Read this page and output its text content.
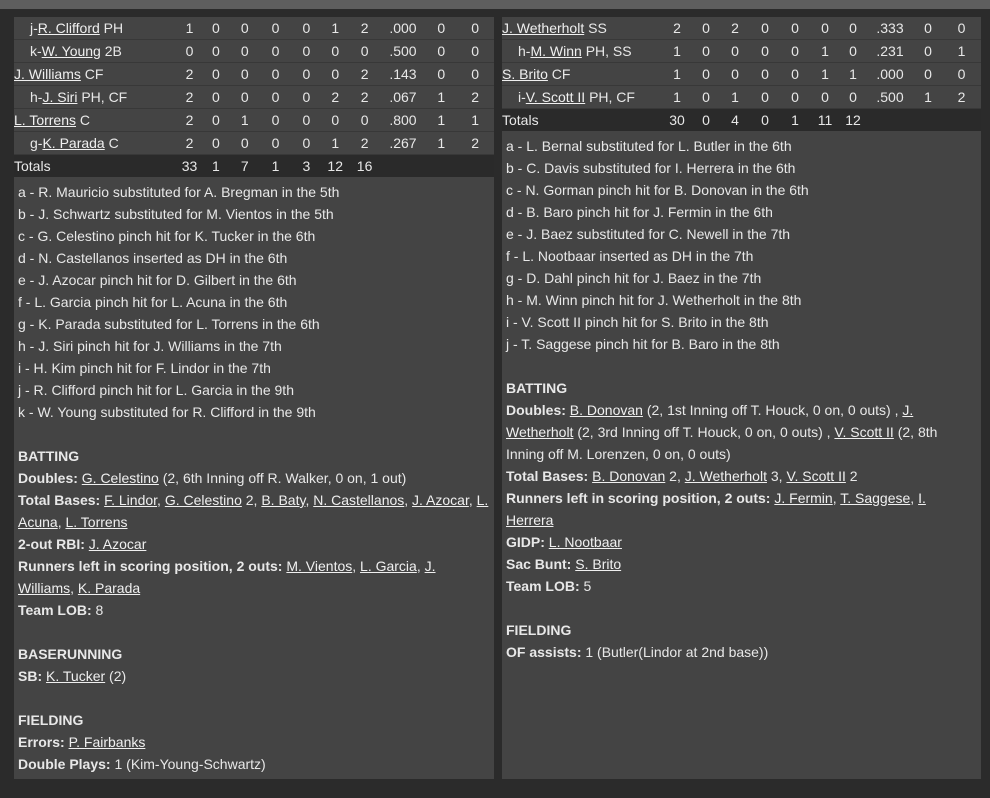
j-R. Clifford PH	1	0	0	0	0	1	2	.000	0	0
k-W. Young 2B	0	0	0	0	0	0	0	.500	0	0
J. Williams CF	2	0	0	0	0	0	2	.143	0	0
h-J. Siri PH, CF	2	0	0	0	0	2	2	.067	1	2
L. Torrens C	2	0	1	0	0	0	0	.800	1	1
g-K. Parada C	2	0	0	0	0	1	2	.267	1	2
Totals	33	1	7	1	3	12	16			
a - R. Mauricio substituted for A. Bregman in the 5th
b - J. Schwartz substituted for M. Vientos in the 5th
c - G. Celestino pinch hit for K. Tucker in the 6th
d - N. Castellanos inserted as DH in the 6th
e - J. Azocar pinch hit for D. Gilbert in the 6th
f - L. Garcia pinch hit for L. Acuna in the 6th
g - K. Parada substituted for L. Torrens in the 6th
h - J. Siri pinch hit for J. Williams in the 7th
i - H. Kim pinch hit for F. Lindor in the 7th
j - R. Clifford pinch hit for L. Garcia in the 9th
k - W. Young substituted for R. Clifford in the 9th
BATTING
Doubles: G. Celestino (2, 6th Inning off R. Walker, 0 on, 1 out)
Total Bases: F. Lindor, G. Celestino 2, B. Baty, N. Castellanos, J. Azocar, L. Acuna, L. Torrens
2-out RBI: J. Azocar
Runners left in scoring position, 2 outs: M. Vientos, L. Garcia, J. Williams, K. Parada
Team LOB: 8
BASERUNNING
SB: K. Tucker (2)
FIELDING
Errors: P. Fairbanks
Double Plays: 1 (Kim-Young-Schwartz)
J. Wetherholt SS	2	0	2	0	0	0	0	.333	0	0
h-M. Winn PH, SS	1	0	0	0	0	1	0	.231	0	1
S. Brito CF	1	0	0	0	0	1	1	.000	0	0
i-V. Scott II PH, CF	1	0	1	0	0	0	0	.500	1	2
Totals	30	0	4	0	1	11	12			
a - L. Bernal substituted for L. Butler in the 6th
b - C. Davis substituted for I. Herrera in the 6th
c - N. Gorman pinch hit for B. Donovan in the 6th
d - B. Baro pinch hit for J. Fermin in the 6th
e - J. Baez substituted for C. Newell in the 7th
f - L. Nootbaar inserted as DH in the 7th
g - D. Dahl pinch hit for J. Baez in the 7th
h - M. Winn pinch hit for J. Wetherholt in the 8th
i - V. Scott II pinch hit for S. Brito in the 8th
j - T. Saggese pinch hit for B. Baro in the 8th
BATTING
Doubles: B. Donovan (2, 1st Inning off T. Houck, 0 on, 0 outs) , J. Wetherholt (2, 3rd Inning off T. Houck, 0 on, 0 outs) , V. Scott II (2, 8th Inning off M. Lorenzen, 0 on, 0 outs)
Total Bases: B. Donovan 2, J. Wetherholt 3, V. Scott II 2
Runners left in scoring position, 2 outs: J. Fermin, T. Saggese, I. Herrera
GIDP: L. Nootbaar
Sac Bunt: S. Brito
Team LOB: 5
FIELDING
OF assists: 1 (Butler(Lindor at 2nd base))
